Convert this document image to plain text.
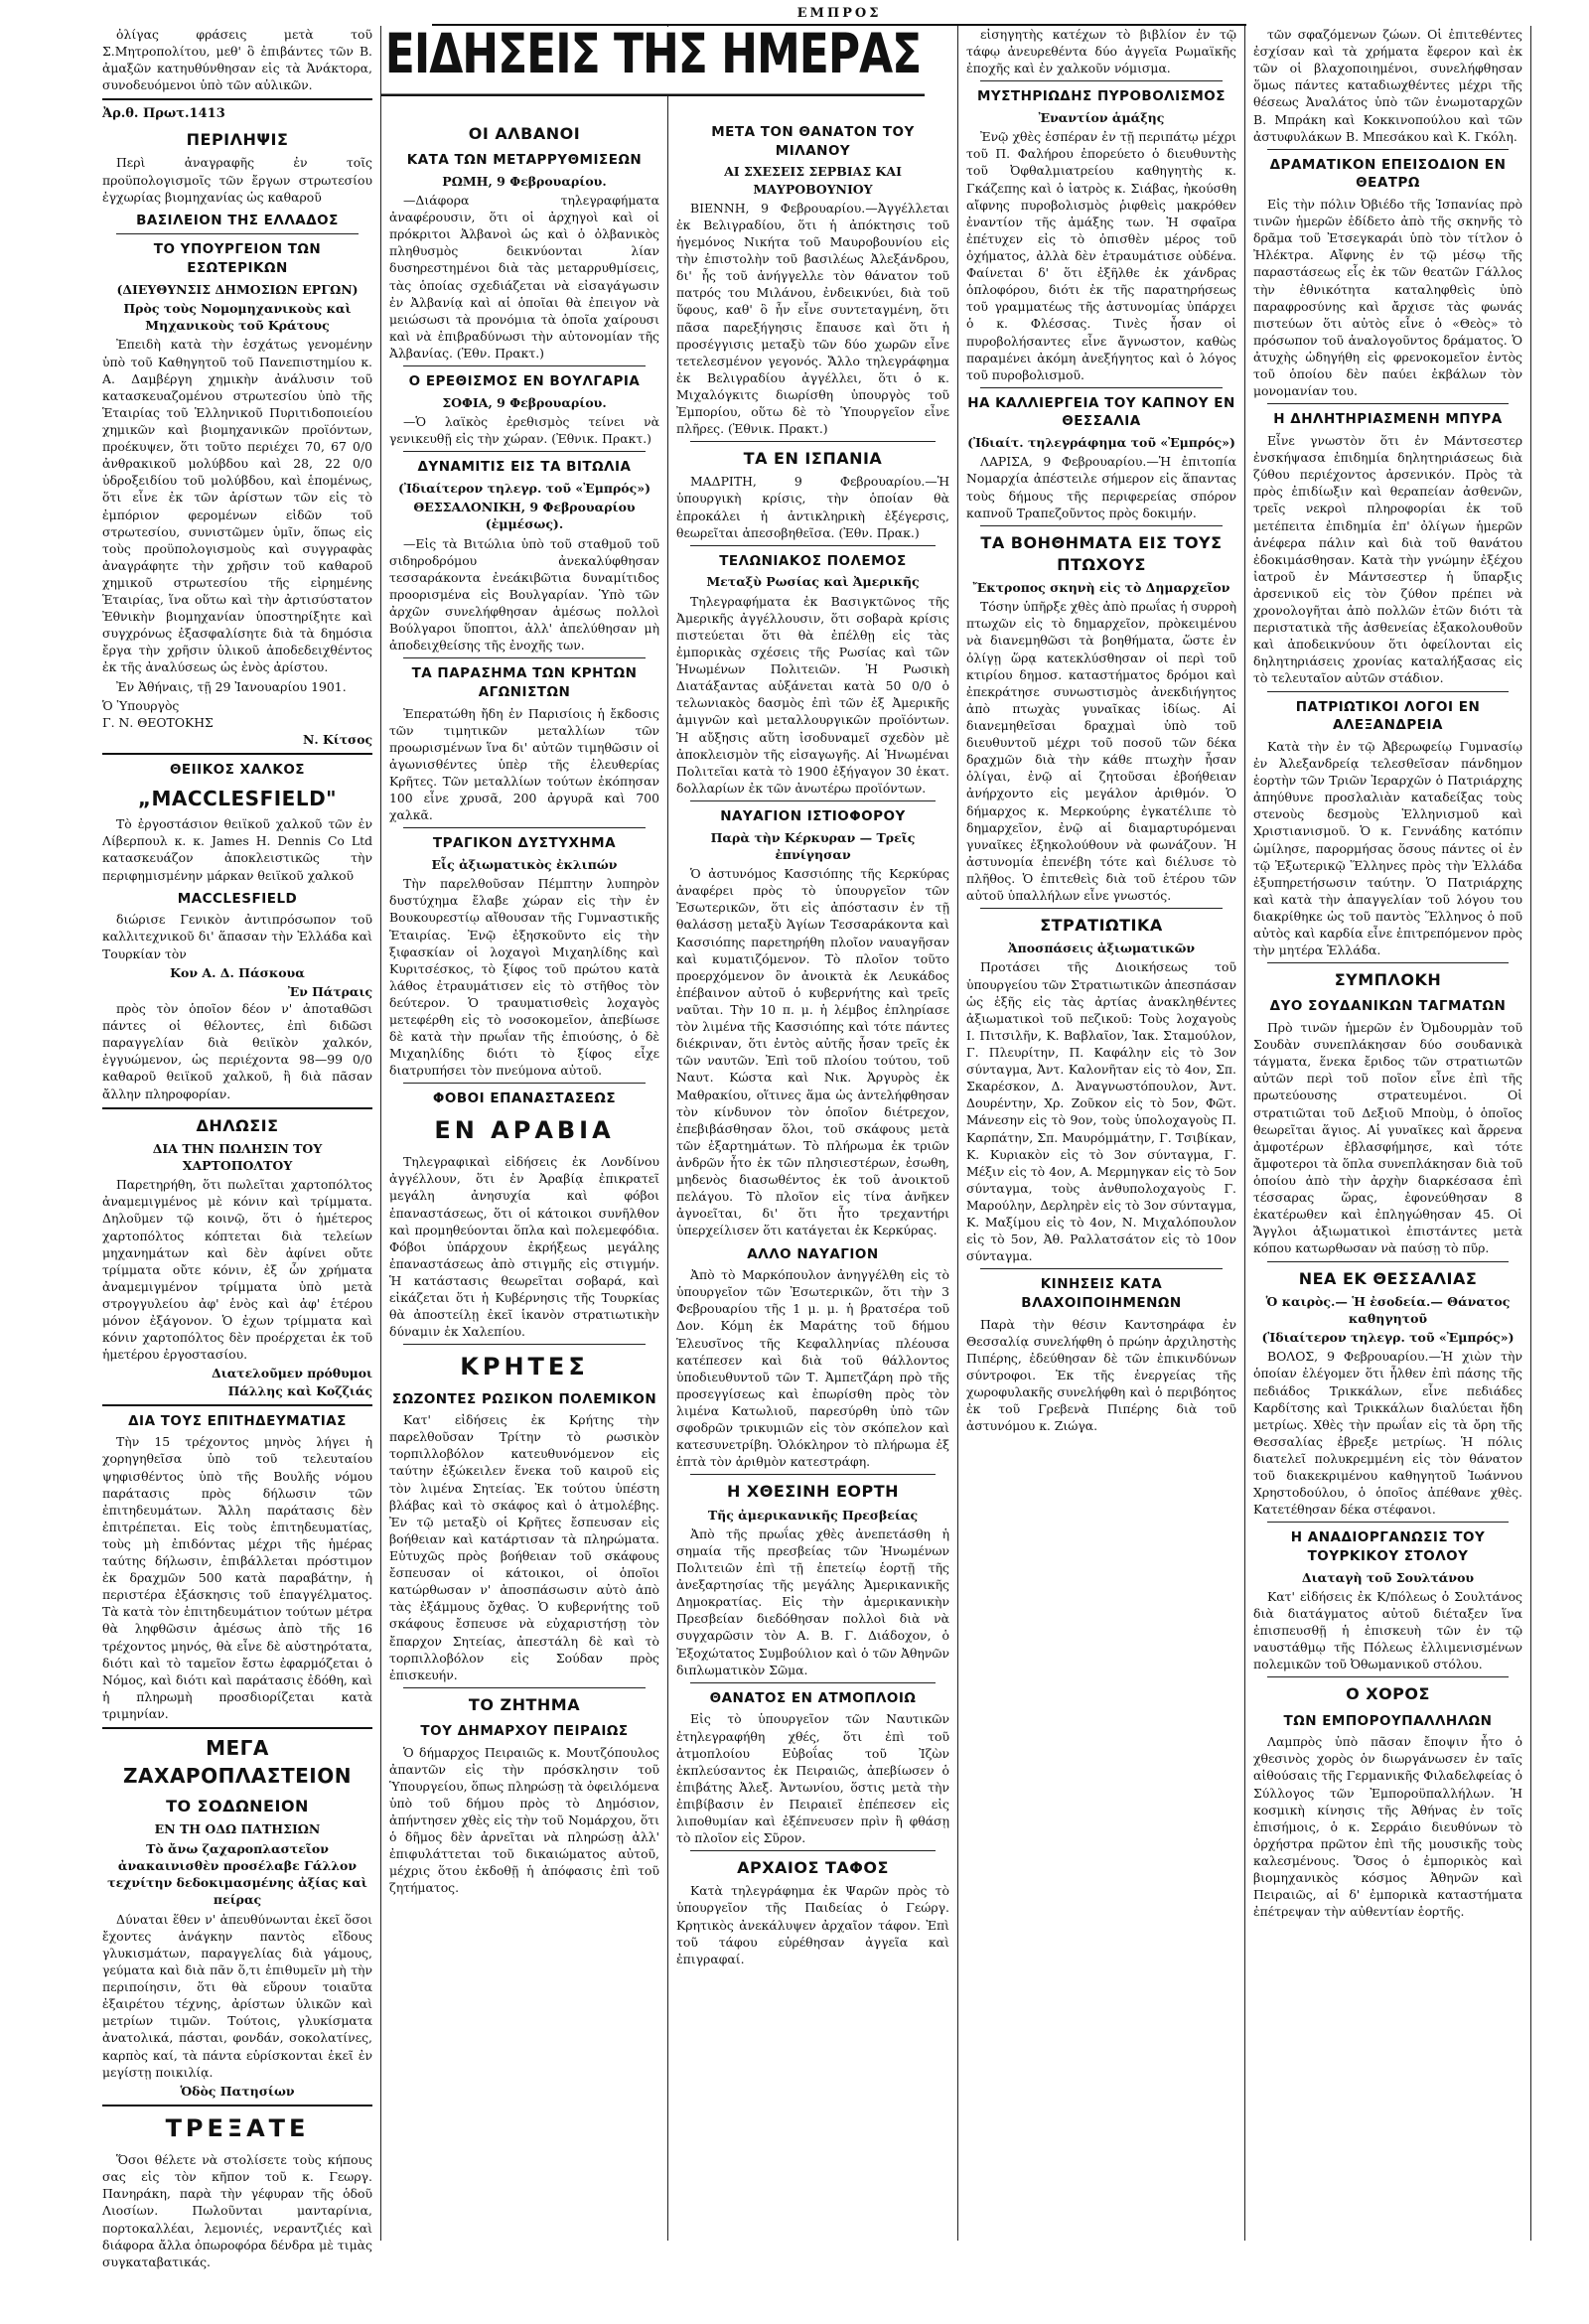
ΕΜΠΡΟΣ

ὀλίγας φράσεις μετὰ τοῦ Σ.Μητροπολίτου, μεθ' ὃ ἐπιβάντες τῶν Β. ἀμαξῶν κατηυθύνθησαν εἰς τὰ Ἀνάκτορα, συνοδευόμενοι ὑπὸ τῶν αὐλικῶν.

Ἀρ.θ. Πρωτ.1413
ΠΕΡΙΛΗΨΙΣ

Περὶ ἀναγραφῆς ἐν τοῖς προϋπολογισμοῖς τῶν ἔργων στρωτεσίου ἐγχωρίας βιομηχανίας ὡς καθαροῦ

ΒΑΣΙΛΕΙΟΝ ΤΗΣ ΕΛΛΑΔΟΣ
ΤΟ ΥΠΟΥΡΓΕΙΟΝ ΤΩΝ ΕΣΩΤΕΡΙΚΩΝ
(ΔΙΕΥΘΥΝΣΙΣ ΔΗΜΟΣΙΩΝ ΕΡΓΩΝ)
Πρὸς τοὺς Νομομηχανικοὺς καὶ Μηχανικοὺς τοῦ Κράτους

Ἐπειδὴ κατὰ τὴν ἐσχάτως γενομένην ὑπὸ τοῦ Καθηγητοῦ τοῦ Πανεπιστημίου κ. Α. Δαμβέργη χημικὴν ἀνάλυσιν τοῦ κατασκευαζομένου στρωτεσίου ὑπὸ τῆς Ἑταιρίας τοῦ Ἑλληνικοῦ Πυριτιδοποιείου χημικῶν καὶ βιομηχανικῶν προϊόντων, προέκυψεν, ὅτι τοῦτο περιέχει 70, 67 0/0 ἀνθρακικοῦ μολύβδου καὶ 28, 22 0/0 ὑδροξειδίου τοῦ μολύβδου, καὶ ἑπομένως, ὅτι εἶνε ἐκ τῶν ἀρίστων τῶν εἰς τὸ ἐμπόριον φερομένων εἰδῶν τοῦ στρωτεσίου, συνιστῶμεν ὑμῖν, ὅπως εἰς τοὺς προϋπολογισμοὺς καὶ συγγραφὰς ἀναγράφητε τὴν χρῆσιν τοῦ καθαροῦ χημικοῦ στρωτεσίου τῆς εἰρημένης Ἑταιρίας, ἵνα οὕτω καὶ τὴν ἀρτισύστατον Ἐθνικὴν βιομηχανίαν ὑποστηρίξητε καὶ συγχρόνως ἐξασφαλίσητε διὰ τὰ δημόσια ἔργα τὴν χρῆσιν ὑλικοῦ ἀποδεδειχθέντος ἐκ τῆς ἀναλύσεως ὡς ἐνὸς ἀρίστου.

Ἐν Ἀθήναις, τῇ 29 Ἰανουαρίου 1901.

Ὁ Ὑπουργὸς
Γ. Ν. ΘΕΟΤΟΚΗΣ
Ν. Κίτσος
ΘΕΙΙΚΟΣ ΧΑΛΚΟΣ
„MACCLESFIELD"

Τὸ ἐργοστάσιον θειϊκοῦ χαλκοῦ τῶν ἐν Λίβερπουλ κ. κ. James H. Dennis Co Ltd κατασκευάζον ἀποκλειστικῶς τὴν περιφημισμένην μάρκαν θειϊκοῦ χαλκοῦ

MACCLESFIELD

διώρισε Γενικὸν ἀντιπρόσωπον τοῦ καλλιτεχνικοῦ δι' ἅπασαν τὴν Ἑλλάδα καὶ Τουρκίαν τὸν

Κον Α. Δ. Πάσκουα
Ἐν Πάτραις

πρὸς τὸν ὁποῖον δέον ν' ἀποταθῶσι πάντες οἱ θέλοντες, ἐπὶ διδῶσι παραγγελίαν διὰ θειϊκὸν χαλκόν, ἐγγυώμενον, ὡς περιέχοντα 98—99 0/0 καθαροῦ θειϊκοῦ χαλκοῦ, ἢ διὰ πᾶσαν ἄλλην πληροφορίαν.

ΔΗΛΩΣΙΣ
ΔΙΑ ΤΗΝ ΠΩΛΗΣΙΝ ΤΟΥ ΧΑΡΤΟΠΟΛΤΟΥ

Παρετηρήθη, ὅτι πωλεῖται χαρτοπόλτος ἀναμεμιγμένος μὲ κόνιν καὶ τρίμματα. Δηλοῦμεν τῷ κοινῷ, ὅτι ὁ ἡμέτερος χαρτοπόλτος κόπτεται διὰ τελείων μηχανημάτων καὶ δὲν ἀφίνει οὔτε τρίμματα οὔτε κόνιν, ἐξ ὧν χρήματα ἀναμεμιγμένον τρίμματα ὑπὸ μετὰ στρογγυλείου ἀφ' ἑνὸς καὶ ἀφ' ἑτέρου μόνον ἐξάγονον. Ὁ ἐχων τρίμματα καὶ κόνιν χαρτοπόλτος δὲν προέρχεται ἐκ τοῦ ἡμετέρου ἐργοστασίου.

Διατελοῦμεν πρόθυμοι
Πάλλης καὶ Κοζζιάς
ΔΙΑ ΤΟΥΣ ΕΠΙΤΗΔΕΥΜΑΤΙΑΣ

Τὴν 15 τρέχοντος μηνὸς λήγει ἡ χορηγηθεῖσα ὑπὸ τοῦ τελευταίου ψηφισθέντος ὑπὸ τῆς Βουλῆς νόμου παράτασις πρὸς δήλωσιν τῶν ἐπιτηδευμάτων. Ἄλλη παράτασις δὲν ἐπιτρέπεται. Εἰς τοὺς ἐπιτηδευματίας, τοὺς μὴ ἐπιδόντας μέχρι τῆς ἡμέρας ταύτης δήλωσιν, ἐπιβάλλεται πρόστιμον ἐκ δραχμῶν 500 κατὰ παραβάτην, ἡ περιστέρα ἐξάσκησις τοῦ ἐπαγγέλματος. Τὰ κατὰ τὸν ἐπιτηδευμάτιον τούτων μέτρα θὰ ληφθῶσιν ἀμέσως ἀπὸ τῆς 16 τρέχοντος μηνός, θὰ εἶνε δὲ αὐστηρότατα, διότι καὶ τὸ ταμεῖον ἔστω ἐφαρμόζεται ὁ Νόμος, καὶ διότι καὶ παράτασις ἐδόθη, καὶ ἡ πληρωμὴ προσδιορίζεται κατὰ τριμηνίαν.

ΜΕΓΑ ΖΑΧΑΡΟΠΛΑΣΤΕΙΟΝ
ΤΟ ΣΟΔΩΝΕΙΟΝ
ΕΝ ΤΗ ΟΔΩ ΠΑΤΗΣΙΩΝ
Τὸ ἄνω ζαχαροπλαστεῖον ἀνακαινισθὲν προσέλαβε Γάλλον τεχνίτην δεδοκιμασμένης ἀξίας καὶ πείρας

Δύναται ἕθεν ν' ἀπευθύνωνται ἐκεῖ ὅσοι ἔχοντες ἀνάγκην παντὸς εἴδους γλυκισμάτων, παραγγελίας διὰ γάμους, γεύματα καὶ διὰ πᾶν ὅ,τι ἐπιθυμεῖν μὴ τὴν περιποίησιν, ὅτι θὰ εὕρουν τοιαῦτα ἐξαιρέτου τέχνης, ἀρίστων ὑλικῶν καὶ μετρίων τιμῶν. Τούτοις, γλυκίσματα ἀνατολικά, πάσται, φονδάν, σοκολατίνες, καρπὸς καί, τὰ πάντα εὑρίσκονται ἐκεῖ ἐν μεγίστῃ ποικιλίᾳ.

Ὁδὸς Πατησίων
ΤΡΕΞΑΤΕ

Ὅσοι θέλετε νὰ στολίσετε τοὺς κήπους σας εἰς τὸν κῆπον τοῦ κ. Γεωργ. Πανηράκη, παρὰ τὴν γέφυραν τῆς ὁδοῦ Λιοσίων. Πωλοῦνται μανταρίνια, πορτοκαλλέαι, λεμονιές, νεραντζιές καὶ διάφορα ἄλλα ὀπωροφόρα δένδρα μὲ τιμὰς συγκαταβατικάς.

ΟΙ ΑΛΒΑΝΟΙ
ΚΑΤΑ ΤΩΝ ΜΕΤΑΡΡΥΘΜΙΣΕΩΝ
ΡΩΜΗ, 9 Φεβρουαρίου.

—Διάφορα τηλεγραφήματα ἀναφέρουσιν, ὅτι οἱ ἀρχηγοὶ καὶ οἱ πρόκριτοι Ἀλβανοὶ ὡς καὶ ὁ ὀλβανικὸς πληθυσμὸς δεικνύονται λίαν δυσηρεστημένοι διὰ τὰς μεταρρυθμίσεις, τὰς ὁποίας σχεδιάζεται νὰ εἰσαγάγωσιν ἐν Ἀλβανίᾳ καὶ αἱ ὁποῖαι θὰ ἐπειγον νὰ μειώσωσι τὰ προνόμια τὰ ὁποῖα χαίρουσι καὶ νὰ ἐπιβραδύνωσι τὴν αὐτονομίαν τῆς Ἀλβανίας. (Ἐθν. Πρακτ.)

Ο ΕΡΕΘΙΣΜΟΣ ΕΝ ΒΟΥΛΓΑΡΙΑ
ΣΟΦΙΑ, 9 Φεβρουαρίου.

—Ὁ λαϊκὸς ἐρεθισμὸς τείνει νὰ γενικευθῇ εἰς τὴν χώραν. (Ἐθνικ. Πρακτ.)

ΔΥΝΑΜΙΤΙΣ ΕΙΣ ΤΑ ΒΙΤΩΛΙΑ
(Ἰδιαίτερον τηλεγρ. τοῦ «Ἐμπρός»)
ΘΕΣΣΑΛΟΝΙΚΗ, 9 Φεβρουαρίου (ἐμμέσως).

—Εἰς τὰ Βιτώλια ὑπὸ τοῦ σταθμοῦ τοῦ σιδηροδρόμου ἀνεκαλύφθησαν τεσσαράκοντα ἐνεάκιβῶτια δυναμίτιδος προορισμένα εἰς Βουλγαρίαν. Ὑπὸ τῶν ἀρχῶν συνελήφθησαν ἀμέσως πολλοὶ Βούλγαροι ὕποπτοι, ἀλλ' ἀπελύθησαν μὴ ἀποδειχθείσης τῆς ἐνοχῆς των.

ΤΑ ΠΑΡΑΣΗΜΑ ΤΩΝ ΚΡΗΤΩΝ ΑΓΩΝΙΣΤΩΝ

Ἐπερατώθη ἤδη ἐν Παρισίοις ἡ ἔκδοσις τῶν τιμητικῶν μεταλλίων τῶν προωρισμένων ἵνα δι' αὐτῶν τιμηθῶσιν οἱ ἀγωνισθέντες ὑπὲρ τῆς ἐλευθερίας Κρῆτες. Τῶν μεταλλίων τούτων ἐκόπησαν 100 εἶνε χρυσᾶ, 200 ἀργυρᾶ καὶ 700 χαλκᾶ.

ΤΡΑΓΙΚΟΝ ΔΥΣΤΥΧΗΜΑ
Εἷς ἀξιωματικὸς ἐκλιπών

Τὴν παρελθοῦσαν Πέμπτην λυπηρὸν δυστύχημα ἔλαβε χώραν εἰς τὴν ἐν Βουκουρεστίῳ αἴθουσαν τῆς Γυμναστικῆς Ἑταιρίας. Ἐνῷ ἐξησκοῦντο εἰς τὴν ξιφασκίαν οἱ λοχαγοὶ Μιχαηλίδης καὶ Κυριτσέσκος, τὸ ξίφος τοῦ πρώτου κατὰ λάθος ἐτραυμάτισεν εἰς τὸ στῆθος τὸν δεύτερον. Ὁ τραυματισθεὶς λοχαγὸς μετεφέρθη εἰς τὸ νοσοκομεῖον, ἀπεβίωσε δὲ κατὰ τὴν πρωΐαν τῆς ἐπιούσης, ὁ δὲ Μιχαηλίδης διότι τὸ ξίφος εἶχε διατρυπήσει τὸν πνεύμονα αὐτοῦ.

ΦΟΒΟΙ ΕΠΑΝΑΣΤΑΣΕΩΣ
ΕΝ ΑΡΑΒΙΑ

Τηλεγραφικαὶ εἰδήσεις ἐκ Λονδίνου ἀγγέλλουν, ὅτι ἐν Ἀραβίᾳ ἐπικρατεῖ μεγάλη ἀνησυχία καὶ φόβοι ἐπαναστάσεως, ὅτι οἱ κάτοικοι συνῆλθον καὶ προμηθεύονται ὅπλα καὶ πολεμεφόδια. Φόβοι ὑπάρχουν ἐκρήξεως μεγάλης ἐπαναστάσεως ἀπὸ στιγμῆς εἰς στιγμήν. Ἡ κατάστασις θεωρεῖται σοβαρά, καὶ εἰκάζεται ὅτι ἡ Κυβέρνησις τῆς Τουρκίας θὰ ἀποστείλῃ ἐκεῖ ἱκανὸν στρατιωτικὴν δύναμιν ἐκ Χαλεπίου.

ΚΡΗΤΕΣ
ΣΩΖΟΝΤΕΣ ΡΩΣΙΚΟΝ ΠΟΛΕΜΙΚΟΝ

Κατ' εἰδήσεις ἐκ Κρήτης τὴν παρελθοῦσαν Τρίτην τὸ ρωσικὸν τορπιλλοβόλον κατευθυνόμενον εἰς ταύτην ἐξώκειλεν ἕνεκα τοῦ καιροῦ εἰς τὸν λιμένα Σητείας. Ἐκ τούτου ὑπέστη βλάβας καὶ τὸ σκάφος καὶ ὁ ἀτμολέβης. Ἐν τῷ μεταξὺ οἱ Κρῆτες ἔσπευσαν εἰς βοήθειαν καὶ κατάρτισαν τὰ πληρώματα. Εὐτυχῶς πρὸς βοήθειαν τοῦ σκάφους ἔσπευσαν οἱ κάτοικοι, οἱ ὁποῖοι κατώρθωσαν ν' ἀποσπάσωσιν αὐτὸ ἀπὸ τὰς ἐξάμμους ὄχθας. Ὁ κυβερνήτης τοῦ σκάφους ἔσπευσε νὰ εὐχαριστήσῃ τὸν ἔπαρχον Σητείας, ἀπεστάλη δὲ καὶ τὸ τορπιλλοβόλον εἰς Σούδαν πρὸς ἐπισκευήν.

ΤΟ ΖΗΤΗΜΑ
ΤΟΥ ΔΗΜΑΡΧΟΥ ΠΕΙΡΑΙΩΣ

Ὁ δήμαρχος Πειραιῶς κ. Μουτζόπουλος ἀπαντῶν εἰς τὴν πρόσκλησιν τοῦ Ὑπουργείου, ὅπως πληρώσῃ τὰ ὀφειλόμενα ὑπὸ τοῦ δήμου πρὸς τὸ Δημόσιον, ἀπήντησεν χθὲς εἰς τὴν τοῦ Νομάρχου, ὅτι ὁ δῆμος δὲν ἀρνεῖται νὰ πληρώσῃ ἀλλ' ἐπιφυλάττεται τοῦ δικαιώματος αὐτοῦ, μέχρις ὅτου ἐκδοθῇ ἡ ἀπόφασις ἐπὶ τοῦ ζητήματος.

ΜΕΤΑ ΤΟΝ ΘΑΝΑΤΟΝ ΤΟΥ ΜΙΛΑΝΟΥ
ΑΙ ΣΧΕΣΕΙΣ ΣΕΡΒΙΑΣ ΚΑΙ ΜΑΥΡΟΒΟΥΝΙΟΥ

ΒΙΕΝΝΗ, 9 Φεβρουαρίου.—Ἀγγέλλεται ἐκ Βελιγραδίου, ὅτι ἡ ἀπόκτησις τοῦ ἡγεμόνος Νικήτα τοῦ Μαυροβουνίου εἰς τὴν ἐπιστολὴν τοῦ βασιλέως Ἀλεξάνδρου, δι' ἧς τοῦ ἀνήγγελλε τὸν θάνατον τοῦ πατρός του Μιλάνου, ἐνδεικνύει, διὰ τοῦ ὕφους, καθ' ὃ ἦν εἶνε συντεταγμένη, ὅτι πᾶσα παρεξήγησις ἔπαυσε καὶ ὅτι ἡ προσέγγισις μεταξὺ τῶν δύο χωρῶν εἶνε τετελεσμένον γεγονός. Ἄλλο τηλεγράφημα ἐκ Βελιγραδίου ἀγγέλλει, ὅτι ὁ κ. Μιχαλόγκιτς διωρίσθη ὑπουργὸς τοῦ Ἐμπορίου, οὕτω δὲ τὸ Ὑπουργεῖον εἶνε πλῆρες. (Ἐθνικ. Πρακτ.)

ΤΑ ΕΝ ΙΣΠΑΝΙΑ

ΜΑΔΡΙΤΗ, 9 Φεβρουαρίου.—Ἡ ὑπουργικὴ κρίσις, τὴν ὁποίαν θὰ ἐπροκάλει ἡ ἀντικληρικὴ ἐξέγερσις, θεωρεῖται ἀπεσοβηθεῖσα. (Ἐθν. Πρακ.)

ΤΕΛΩΝΙΑΚΟΣ ΠΟΛΕΜΟΣ
Μεταξὺ Ρωσίας καὶ Ἀμερικῆς

Τηλεγραφήματα ἐκ Βασιγκτῶνος τῆς Ἀμερικῆς ἀγγέλλουσιν, ὅτι σοβαρὰ κρίσις πιστεύεται ὅτι θὰ ἐπέλθῃ εἰς τὰς ἐμπορικὰς σχέσεις τῆς Ρωσίας καὶ τῶν Ἡνωμένων Πολιτειῶν. Ἡ Ρωσικὴ Διατάξαντας αὐξάνεται κατὰ 50 0/0 ὁ τελωνιακὸς δασμὸς ἐπὶ τῶν ἐξ Ἀμερικῆς ἀμιγνῶν καὶ μεταλλουργικῶν προϊόντων. Ἡ αὔξησις αὕτη ἰσοδυναμεῖ σχεδὸν μὲ ἀποκλεισμὸν τῆς εἰσαγωγῆς. Αἱ Ἡνωμέναι Πολιτεῖαι κατὰ τὸ 1900 ἐξήγαγον 30 ἑκατ. δολλαρίων ἐκ τῶν ἀνωτέρω προϊόντων.

ΝΑΥΑΓΙΟΝ ΙΣΤΙΟΦΟΡΟΥ
Παρὰ τὴν Κέρκυραν — Τρεῖς ἐπνίγησαν

Ὁ ἀστυνόμος Κασσιόπης τῆς Κερκύρας ἀναφέρει πρὸς τὸ ὑπουργεῖον τῶν Ἐσωτερικῶν, ὅτι εἰς ἀπόστασιν ἐν τῇ θαλάσσῃ μεταξὺ Ἁγίων Τεσσαράκοντα καὶ Κασσιόπης παρετηρήθη πλοῖον ναυαγῆσαν καὶ κυματιζόμενον. Τὸ πλοῖον τοῦτο προερχόμενον ὃν ἀνοικτὰ ἐκ Λευκάδος ἐπέβαινον αὐτοῦ ὁ κυβερνήτης καὶ τρεῖς ναῦται. Τὴν 10 π. μ. ἡ λέμβος ἐπληρίασε τὸν λιμένα τῆς Κασσιόπης καὶ τότε πάντες διέκριναν, ὅτι ἐντὸς αὐτῆς ἦσαν τρεῖς ἐκ τῶν ναυτῶν. Ἐπὶ τοῦ πλοίου τούτου, τοῦ Ναυτ. Κώστα καὶ Νικ. Ἀργυρὸς ἐκ Μαθρακίου, οἵτινες ἅμα ὡς ἀντελήφθησαν τὸν κίνδυνον τὸν ὁποῖον διέτρεχον, ἐπεβιβάσθησαν ὅλοι, τοῦ σκάφους μετὰ τῶν ἐξαρτημάτων. Τὸ πλήρωμα ἐκ τριῶν ἀνδρῶν ἦτο ἐκ τῶν πλησιεστέρων, ἐσωθη, μηδενὸς διασωθέντος ἐκ τοῦ ἀνοικτοῦ πελάγου. Τὸ πλοῖον εἰς τίνα ἀνῆκεν ἀγνοεῖται, δι' ὅτι ἦτο τρεχαντήρι ὑπερχείλισεν ὅτι κατάγεται ἐκ Κερκύρας.

ΑΛΛΟ ΝΑΥΑΓΙΟΝ

Ἀπὸ τὸ Μαρκόπουλον ἀνηγγέλθη εἰς τὸ ὑπουργεῖον τῶν Ἐσωτερικῶν, ὅτι τὴν 3 Φεβρουαρίου τῆς 1 μ. μ. ἡ βρατσέρα τοῦ Δον. Κόμη ἐκ Μαράτης τοῦ δήμου Ἑλευσῖνος τῆς Κεφαλληνίας πλέουσα κατέπεσεν καὶ διὰ τοῦ θάλλοντος ὑποδιευθυντοῦ τῶν Τ. Ἀμπετζάρη πρὸ τῆς προσεγγίσεως καὶ ἐπωρίσθη πρὸς τὸν λιμένα Κατωλιοῦ, παρεσύρθη ὑπὸ τῶν σφοδρῶν τρικυμιῶν εἰς τὸν σκόπελον καὶ κατεσυνετρίβη. Ὁλόκληρον τὸ πλήρωμα ἐξ ἑπτὰ τὸν ἀριθμὸν κατεστράφη.

Η ΧΘΕΣΙΝΗ ΕΟΡΤΗ
Τῆς ἀμερικανικῆς Πρεσβείας

Ἀπὸ τῆς πρωΐας χθὲς ἀνεπετάσθη ἡ σημαία τῆς πρεσβείας τῶν Ἡνωμένων Πολιτειῶν ἐπὶ τῇ ἐπετείῳ ἑορτῇ τῆς ἀνεξαρτησίας τῆς μεγάλης Ἀμερικανικῆς Δημοκρατίας. Εἰς τὴν ἀμερικανικὴν Πρεσβείαν διεδόθησαν πολλοὶ διὰ νὰ συγχαρῶσιν τὸν Α. Β. Γ. Διάδοχον, ὁ Ἐξοχώτατος Συμβούλιον καὶ ὁ τῶν Ἀθηνῶν διπλωματικὸν Σῶμα.

ΘΑΝΑΤΟΣ ΕΝ ΑΤΜΟΠΛΟΙΩ

Εἰς τὸ ὑπουργεῖον τῶν Ναυτικῶν ἐτηλεγραφήθη χθές, ὅτι ἐπὶ τοῦ ἀτμοπλοίου Εὐβοΐας τοῦ Ἰζὼν ἐκπλεύσαντος ἐκ Πειραιῶς, ἀπεβίωσεν ὁ ἐπιβάτης Ἀλεξ. Ἀντωνίου, ὅστις μετὰ τὴν ἐπιβίβασιν ἐν Πειραιεῖ ἐπέπεσεν εἰς λιποθυμίαν καὶ ἐξέπνευσεν πρὶν ἢ φθάσῃ τὸ πλοῖον εἰς Σῦρον.

ΑΡΧΑΙΟΣ ΤΑΦΟΣ

Κατὰ τηλεγράφημα ἐκ Ψαρῶν πρὸς τὸ ὑπουργεῖον τῆς Παιδείας ὁ Γεώργ. Κρητικὸς ἀνεκάλυψεν ἀρχαῖον τάφον. Ἐπὶ τοῦ τάφου εὑρέθησαν ἀγγεῖα καὶ ἐπιγραφαί.

εἰσηγητὴς κατέχων τὸ βιβλίον ἐν τῷ τάφῳ ἀνευρεθέντα δύο ἀγγεῖα Ρωμαϊκῆς ἐποχῆς καὶ ἐν χαλκοῦν νόμισμα.

ΜΥΣΤΗΡΙΩΔΗΣ ΠΥΡΟΒΟΛΙΣΜΟΣ
Ἐναντίον ἁμάξης

Ἐνῷ χθὲς ἑσπέραν ἐν τῇ περιπάτῳ μέχρι τοῦ Π. Φαλήρου ἐπορεύετο ὁ διευθυντὴς τοῦ Ὀφθαλμιατρείου καθηγητὴς κ. Γκάζεπης καὶ ὁ ἰατρὸς κ. Σιάβας, ἠκούσθη αἴφνης πυροβολισμὸς ῥιφθεὶς μακρόθεν ἐναντίον τῆς ἀμάξης των. Ἡ σφαῖρα ἐπέτυχεν εἰς τὸ ὀπισθὲν μέρος τοῦ ὀχήματος, ἀλλὰ δὲν ἐτραυμάτισε οὐδένα. Φαίνεται δ' ὅτι ἐξῆλθε ἐκ χάνδρας ὁπλοφόρου, διότι ἐκ τῆς παρατηρήσεως τοῦ γραμματέως τῆς ἀστυνομίας ὑπάρχει ὁ κ. Φλέσσας. Τινὲς ἦσαν οἱ πυροβολήσαντες εἶνε ἄγνωστον, καθὼς παραμένει ἀκόμη ἀνεξήγητος καὶ ὁ λόγος τοῦ πυροβολισμοῦ.

ΗΑ ΚΑΛΛΙΕΡΓΕΙΑ ΤΟΥ ΚΑΠΝΟΥ ΕΝ ΘΕΣΣΑΛΙΑ
(Ἰδιαίτ. τηλεγράφημα τοῦ «Ἐμπρός»)

ΛΑΡΙΣΑ, 9 Φεβρουαρίου.—Ἡ ἐπιτοπία Νομαρχία ἀπέστειλε σήμερον εἰς ἅπαντας τοὺς δήμους τῆς περιφερείας σπόρον καπνοῦ Τραπεζοῦντος πρὸς δοκιμήν.

ΤΑ ΒΟΗΘΗΜΑΤΑ ΕΙΣ ΤΟΥΣ ΠΤΩΧΟΥΣ
Ἔκτροπος σκηνὴ εἰς τὸ Δημαρχεῖον

Τόσην ὑπῆρξε χθὲς ἀπὸ πρωΐας ἡ συρροὴ πτωχῶν εἰς τὸ δημαρχεῖον, πρὸκειμένου νὰ διανεμηθῶσι τὰ βοηθήματα, ὥστε ἐν ὀλίγῃ ὥρᾳ κατεκλύσθησαν οἱ περὶ τοῦ κτιρίου δημοσ. καταστήματος δρόμοι καὶ ἐπεκράτησε συνωστισμὸς ἀνεκδιήγητος ἀπὸ πτωχὰς γυναῖκας ἰδίως. Αἱ διανεμηθεῖσαι δραχμαὶ ὑπὸ τοῦ διευθυντοῦ μέχρι τοῦ ποσοῦ τῶν δέκα δραχμῶν διὰ τὴν κάθε πτωχὴν ἦσαν ὀλίγαι, ἐνῷ αἱ ζητοῦσαι ἐβοήθειαν ἀνήρχοντο εἰς μεγάλον ἀριθμόν. Ὁ δήμαρχος κ. Μερκούρης ἐγκατέλιπε τὸ δημαρχεῖον, ἐνῷ αἱ διαμαρτυρόμεναι γυναῖκες ἐξηκολούθουν νὰ φωνάζουν. Ἡ ἀστυνομία ἐπενέβη τότε καὶ διέλυσε τὸ πλῆθος. Ὁ ἐπιτεθεὶς διὰ τοῦ ἑτέρου τῶν αὐτοῦ ὑπαλλήλων εἶνε γνωστός.

ΣΤΡΑΤΙΩΤΙΚΑ
Ἀποσπάσεις ἀξιωματικῶν

Προτάσει τῆς Διοικήσεως τοῦ ὑπουργείου τῶν Στρατιωτικῶν ἀπεσπάσαν ὡς ἑξῆς εἰς τὰς ἀρτίας ἀνακληθέντες ἀξιωματικοὶ τοῦ πεζικοῦ: Τοὺς λοχαγοὺς Ι. Πιτσιλῆν, Κ. Βαβλαῖον, Ἰακ. Σταμούλον, Γ. Πλευρίτην, Π. Καφάλην εἰς τὸ 3ον σύνταγμα, Ἀντ. Καλονῆταν εἰς τὸ 4ον, Σπ. Σκαρέσκον, Δ. Ἀναγνωστόπουλον, Ἀντ. Δουρέντην, Χρ. Ζοῦκον εἰς τὸ 5ον, Φῶτ. Μάνεσην εἰς τὸ 9ον, τοὺς ὑπολοχαγοὺς Π. Καρπάτην, Σπ. Μαυρόμμάτην, Γ. Τσιβίκαν, Κ. Κυριακὸν εἰς τὸ 3ον σύνταγμα, Γ. Μέξιν εἰς τὸ 4ον, Α. Μερμηγκαν εἰς τὸ 5ον σύνταγμα, τοὺς ἀνθυπολοχαγοὺς Γ. Μαρούλην, Δερληρὲν εἰς τὸ 3ον σύνταγμα, Κ. Μαξίμου εἰς τὸ 4ον, Ν. Μιχαλόπουλον εἰς τὸ 5ον, Ἀθ. Ραλλατσάτον εἰς τὸ 10ον σύνταγμα.

ΚΙΝΗΣΕΙΣ ΚΑΤΑ ΒΛΑΧΟΙΠΟΙΗΜΕΝΩΝ

Παρὰ τὴν θέσιν Καντσηράφα ἐν Θεσσαλίᾳ συνελήφθη ὁ πρώην ἀρχιληστὴς Πιπέρης, ἐδεύθησαν δὲ τῶν ἐπικινδύνων σύντροφοι. Ἐκ τῆς ἐνεργείας τῆς χωροφυλακῆς συνελήφθη καὶ ὁ περιβόητος ἐκ τοῦ Γρεβενὰ Πιπέρης διὰ τοῦ ἀστυνόμου κ. Ζιώγα.

τῶν σφαζόμενων ζώων. Οἱ ἐπιτεθέντες ἐσχίσαν καὶ τὰ χρήματα ἔφερον καὶ ἐκ τῶν οἱ βλαχοποιημένοι, συνελήφθησαν ὅμως πάντες καταδιωχθέντες μέχρι τῆς θέσεως Ἀναλάτος ὑπὸ τῶν ἐνωμοταρχῶν Β. Μπράκη καὶ Κοκκινοπούλου καὶ τῶν ἀστυφυλάκων Β. Μπεσάκου καὶ Κ. Γκόλη.

ΔΡΑΜΑΤΙΚΟΝ ΕΠΕΙΣΟΔΙΟΝ ΕΝ ΘΕΑΤΡΩ

Εἰς τὴν πόλιν Ὀβιέδο τῆς Ἱσπανίας πρὸ τινῶν ἡμερῶν ἐδίδετο ἀπὸ τῆς σκηνῆς τὸ δρᾶμα τοῦ Ἐτσεγκαράι ὑπὸ τὸν τίτλον ὁ Ἠλέκτρα. Αἴφνης ἐν τῷ μέσῳ τῆς παραστάσεως εἷς ἐκ τῶν θεατῶν Γάλλος τὴν ἐθνικότητα καταληφθεὶς ὑπὸ παραφροσύνης καὶ ἄρχισε τὰς φωνάς πιστεύων ὅτι αὐτὸς εἶνε ὁ «Θεὸς» τὸ πρόσωπον τοῦ ἀναλογοῦντος δράματος. Ὁ ἀτυχὴς ὡδηγήθη εἰς φρενοκομεῖον ἐντὸς τοῦ ὁποίου δὲν παύει ἐκβάλων τὸν μονομανίαν του.

Η ΔΗΛΗΤΗΡΙΑΣΜΕΝΗ ΜΠΥΡΑ

Εἶνε γνωστὸν ὅτι ἐν Μάντσεστερ ἐνσκήψασα ἐπιδημία δηλητηριάσεως διὰ ζύθου περιέχοντος ἀρσενικόν. Πρὸς τὰ πρὸς ἐπιδίωξιν καὶ θεραπείαν ἀσθενῶν, τρεῖς νεκροὶ πληροφορίαι ἐκ τοῦ μετέπειτα ἐπιδημία ἐπ' ὀλίγων ἡμερῶν ἀνέφερα πάλιν καὶ διὰ τοῦ θανάτου ἐδοκιμάσθησαν. Κατὰ τὴν γνώμην ἐξέχου ἰατροῦ ἐν Μάντσεστερ ἡ ὕπαρξις ἀρσενικοῦ εἰς τὸν ζύθον πρέπει νὰ χρονολογῆται ἀπὸ πολλῶν ἐτῶν διότι τὰ περιστατικὰ τῆς ἀσθενείας ἐξακολουθοῦν καὶ ἀποδεικνύουν ὅτι ὀφείλονται εἰς δηλητηριάσεις χρονίας καταλήξασας εἰς τὸ τελευταῖον αὐτῶν στάδιον.

ΠΑΤΡΙΩΤΙΚΟΙ ΛΟΓΟΙ ΕΝ ΑΛΕΞΑΝΔΡΕΙΑ

Κατὰ τὴν ἐν τῷ Ἀβερωφείῳ Γυμνασίῳ ἐν Ἀλεξανδρείᾳ τελεσθεῖσαν πάνδημον ἑορτὴν τῶν Τριῶν Ἱεραρχῶν ὁ Πατριάρχης ἀπηύθυνε προσλαλιὰν καταδείξας τοὺς στενοὺς δεσμοὺς Ἑλληνισμοῦ καὶ Χριστιανισμοῦ. Ὁ κ. Γεννάδης κατόπιν ὡμίλησε, παρορμήσας ὅσους πάντες οἱ ἐν τῷ Ἐξωτερικῷ Ἕλληνες πρὸς τὴν Ἑλλάδα ἐξυπηρετήσωσιν ταύτην. Ὁ Πατριάρχης καὶ κατὰ τὴν ἀπαγγελίαν τοῦ λόγου του διακρίθηκε ὡς τοῦ παντὸς Ἕλληνος ὁ ποῦ αὐτὸς καὶ καρδία εἶνε ἐπιτρεπόμενον πρὸς τὴν μητέρα Ἑλλάδα.

ΣΥΜΠΛΟΚΗ
ΔΥΟ ΣΟΥΔΑΝΙΚΩΝ ΤΑΓΜΑΤΩΝ

Πρὸ τινῶν ἡμερῶν ἐν Ὀμδουρμὰν τοῦ Σουδὰν συνεπλάκησαν δύο σουδανικὰ τάγματα, ἕνεκα ἔριδος τῶν στρατιωτῶν αὐτῶν περὶ τοῦ ποῖον εἶνε ἐπὶ τῆς πρωτεύουσης στρατευμένοι. Οἱ στρατιῶται τοῦ Δεξιοῦ Μποὺμ, ὁ ὁποῖος θεωρεῖται ἅγιος. Αἱ γυναῖκες καὶ ἄρρενα ἀμφοτέρων ἐβλασφήμησε, καὶ τότε ἄμφοτεροι τὰ ὅπλα συνεπλάκησαν διὰ τοῦ ὁποίου ἀπὸ τὴν ἀρχὴν διαρκέσασα ἐπὶ τέσσαρας ὥρας, ἐφονεύθησαν 8 ἑκατέρωθεν καὶ ἐπληγώθησαν 45. Οἱ Ἄγγλοι ἀξιωματικοὶ ἐπιστάντες μετὰ κόπου κατωρθωσαν νὰ παύσῃ τὸ πῦρ.

ΝΕΑ ΕΚ ΘΕΣΣΑΛΙΑΣ
Ὁ καιρὸς.— Ἡ ἐσοδεία.— Θάνατος καθηγητοῦ
(Ἰδιαίτερον τηλεγρ. τοῦ «Ἐμπρός»)

ΒΟΛΟΣ, 9 Φεβρουαρίου.—Ἡ χιὼν τὴν ὁποίαν ἐλέγομεν ὅτι ἦλθεν ἐπὶ πάσης τῆς πεδιάδος Τρικκάλων, εἶνε πεδιάδες Καρδίτσης καὶ Τρικκάλων διαλύεται ἤδη μετρίως. Χθὲς τὴν πρωΐαν εἰς τὰ ὄρη τῆς Θεσσαλίας ἐβρεξε μετρίως. Ἡ πόλις διατελεῖ πολυκρεμμένη εἰς τὸν θάνατον τοῦ διακεκριμένου καθηγητοῦ Ἰωάννου Χρηστοδούλου, ὁ ὁποῖος ἀπέθανε χθὲς. Κατετέθησαν δέκα στέφανοι.

Η ΑΝΑΔΙΟΡΓΑΝΩΣΙΣ ΤΟΥ ΤΟΥΡΚΙΚΟΥ ΣΤΟΛΟΥ
Διαταγὴ τοῦ Σουλτάνου

Κατ' εἰδήσεις ἐκ Κ/πόλεως ὁ Σουλτάνος διὰ διατάγματος αὐτοῦ διέταξεν ἵνα ἐπισπευσθῇ ἡ ἐπισκευὴ τῶν ἐν τῷ ναυστάθμῳ τῆς Πόλεως ἐλλιμενισμένων πολεμικῶν τοῦ Ὀθωμανικοῦ στόλου.

Ο ΧΟΡΟΣ
ΤΩΝ ΕΜΠΟΡΟΥΠΑΛΛΗΛΩΝ

Λαμπρὸς ὑπὸ πᾶσαν ἔποψιν ἦτο ὁ χθεσινὸς χορὸς ὁν διωργάνωσεν ἐν ταῖς αἰθούσαις τῆς Γερμανικῆς Φιλαδελφείας ὁ Σύλλογος τῶν Ἐμποροϋπαλλήλων. Ἡ κοσμικὴ κίνησις τῆς Ἀθήνας ἐν τοῖς ἐπισήμοις, ὁ κ. Σερράιο διευθύνων τὸ ὀρχήστρα πρῶτον ἐπὶ τῆς μουσικῆς τοὺς καλεσμένους. Ὅσος ὁ ἐμπορικὸς καὶ βιομηχανικὸς κόσμος Ἀθηνῶν καὶ Πειραιῶς, αἱ δ' ἐμπορικὰ καταστήματα ἐπέτρεψαν τὴν αὐθεντίαν ἑορτῆς.

ΕΙΔΗΣΕΙΣ ΤΗΣ ΗΜΕΡΑΣ
